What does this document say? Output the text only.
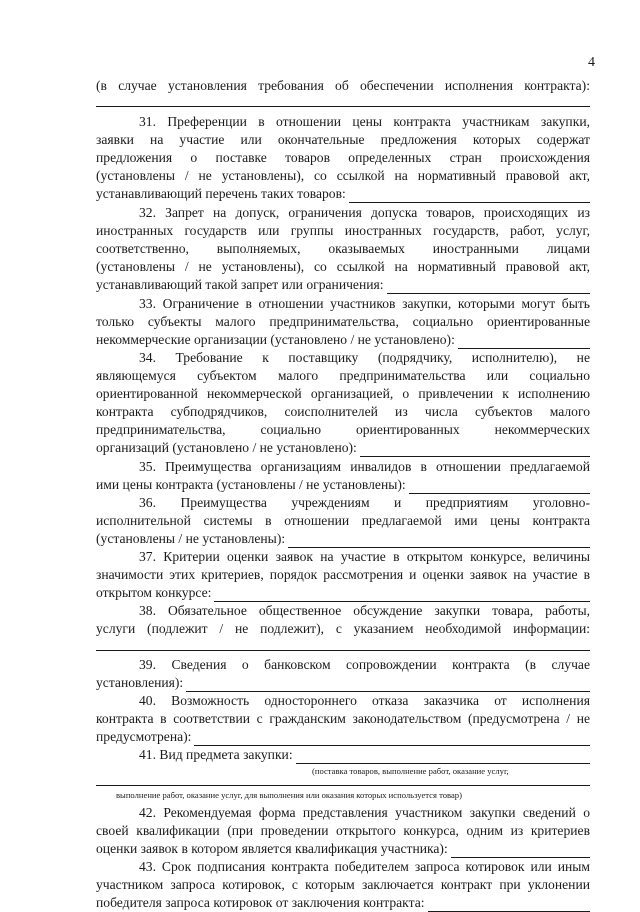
4
(в случае установления требования об обеспечении исполнения контракта):
31. Преференции в отношении цены контракта участникам закупки,
заявки на участие или окончательные предложения которых содержат
предложения о поставке товаров определенных стран происхождения
(установлены / не установлены), со ссылкой на нормативный правовой акт,
устанавливающий перечень таких товаров:
32. Запрет на допуск, ограничения допуска товаров, происходящих из
иностранных государств или группы иностранных государств, работ, услуг,
соответственно, выполняемых, оказываемых иностранными лицами
(установлены / не установлены), со ссылкой на нормативный правовой акт,
устанавливающий такой запрет или ограничения:
33. Ограничение в отношении участников закупки, которыми могут быть
только субъекты малого предпринимательства, социально ориентированные
некоммерческие организации (установлено / не установлено):
34. Требование к поставщику (подрядчику, исполнителю), не
являющемуся субъектом малого предпринимательства или социально
ориентированной некоммерческой организацией, о привлечении к исполнению
контракта субподрядчиков, соисполнителей из числа субъектов малого
предпринимательства, социально ориентированных некоммерческих
организаций (установлено / не установлено):
35. Преимущества организациям инвалидов в отношении предлагаемой
ими цены контракта (установлены / не установлены):
36. Преимущества учреждениям и предприятиям уголовно-
исполнительной системы в отношении предлагаемой ими цены контракта
(установлены / не установлены):
37. Критерии оценки заявок на участие в открытом конкурсе, величины
значимости этих критериев, порядок рассмотрения и оценки заявок на участие в
открытом конкурсе:
38. Обязательное общественное обсуждение закупки товара, работы,
услуги (подлежит / не подлежит), с указанием необходимой информации:
39. Сведения о банковском сопровождении контракта (в случае
установления):
40. Возможность одностороннего отказа заказчика от исполнения
контракта в соответствии с гражданским законодательством (предусмотрена / не
предусмотрена):
41. Вид предмета закупки:
(поставка товаров, выполнение работ, оказание услуг,
выполнение работ, оказание услуг, для выполнения или оказания которых используется товар)
42. Рекомендуемая форма представления участником закупки сведений о
своей квалификации (при проведении открытого конкурса, одним из критериев
оценки заявок в котором является квалификация участника):
43. Срок подписания контракта победителем запроса котировок или иным
участником запроса котировок, с которым заключается контракт при уклонении
победителя запроса котировок от заключения контракта:
